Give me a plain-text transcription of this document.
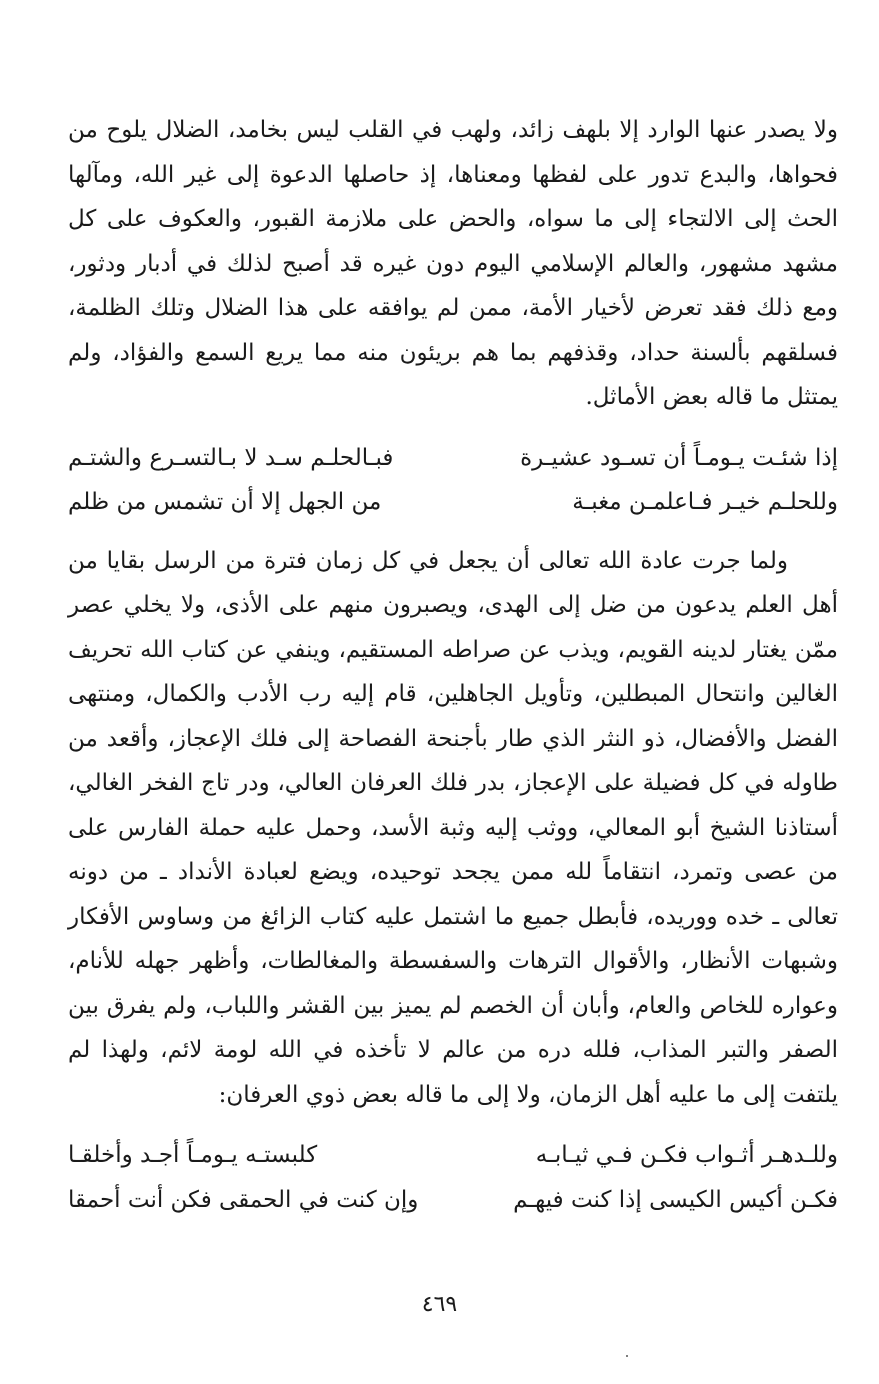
ولا يصدر عنها الوارد إلا بلهف زائد، ولهب في القلب ليس بخامد، الضلال يلوح من فحواها، والبدع تدور على لفظها ومعناها، إذ حاصلها الدعوة إلى غير الله، ومآلها الحث إلى الالتجاء إلى ما سواه، والحض على ملازمة القبور، والعكوف على كل مشهد مشهور، والعالم الإسلامي اليوم دون غيره قد أصبح لذلك في أدبار ودثور، ومع ذلك فقد تعرض لأخيار الأمة، ممن لم يوافقه على هذا الضلال وتلك الظلمة، فسلقهم بألسنة حداد، وقذفهم بما هم بريئون منه مما يريع السمع والفؤاد، ولم يمتثل ما قاله بعض الأماثل.

إذا شئـت يـومـاً أن تسـود عشيـرة
فبـالحلـم سـد لا بـالتسـرع والشتـم
وللحلـم خيـر فـاعلمـن مغبـة
من الجهل إلا أن تشمس من ظلم

ولما جرت عادة الله تعالى أن يجعل في كل زمان فترة من الرسل بقايا من أهل العلم يدعون من ضل إلى الهدى، ويصبرون منهم على الأذى، ولا يخلي عصر ممّن يغتار لدينه القويم، ويذب عن صراطه المستقيم، وينفي عن كتاب الله تحريف الغالين وانتحال المبطلين، وتأويل الجاهلين، قام إليه رب الأدب والكمال، ومنتهى الفضل والأفضال، ذو النثر الذي طار بأجنحة الفصاحة إلى فلك الإعجاز، وأقعد من طاوله في كل فضيلة على الإعجاز، بدر فلك العرفان العالي، ودر تاج الفخر الغالي، أستاذنا الشيخ أبو المعالي، ووثب إليه وثبة الأسد، وحمل عليه حملة الفارس على من عصى وتمرد، انتقاماً لله ممن يجحد توحيده، ويضع لعبادة الأنداد ـ من دونه تعالى ـ خده ووريده، فأبطل جميع ما اشتمل عليه كتاب الزائغ من وساوس الأفكار وشبهات الأنظار، والأقوال الترهات والسفسطة والمغالطات، وأظهر جهله للأنام، وعواره للخاص والعام، وأبان أن الخصم لم يميز بين القشر واللباب، ولم يفرق بين الصفر والتبر المذاب، فلله دره من عالم لا تأخذه في الله لومة لائم، ولهذا لم يلتفت إلى ما عليه أهل الزمان، ولا إلى ما قاله بعض ذوي العرفان:

وللـدهـر أثـواب فكـن فـي ثيـابـه
كلبستـه يـومـاً أجـد وأخلقـا
فكـن أكيس الكيسى إذا كنت فيهـم
وإن كنت في الحمقى فكن أنت أحمقا
٤٦٩
